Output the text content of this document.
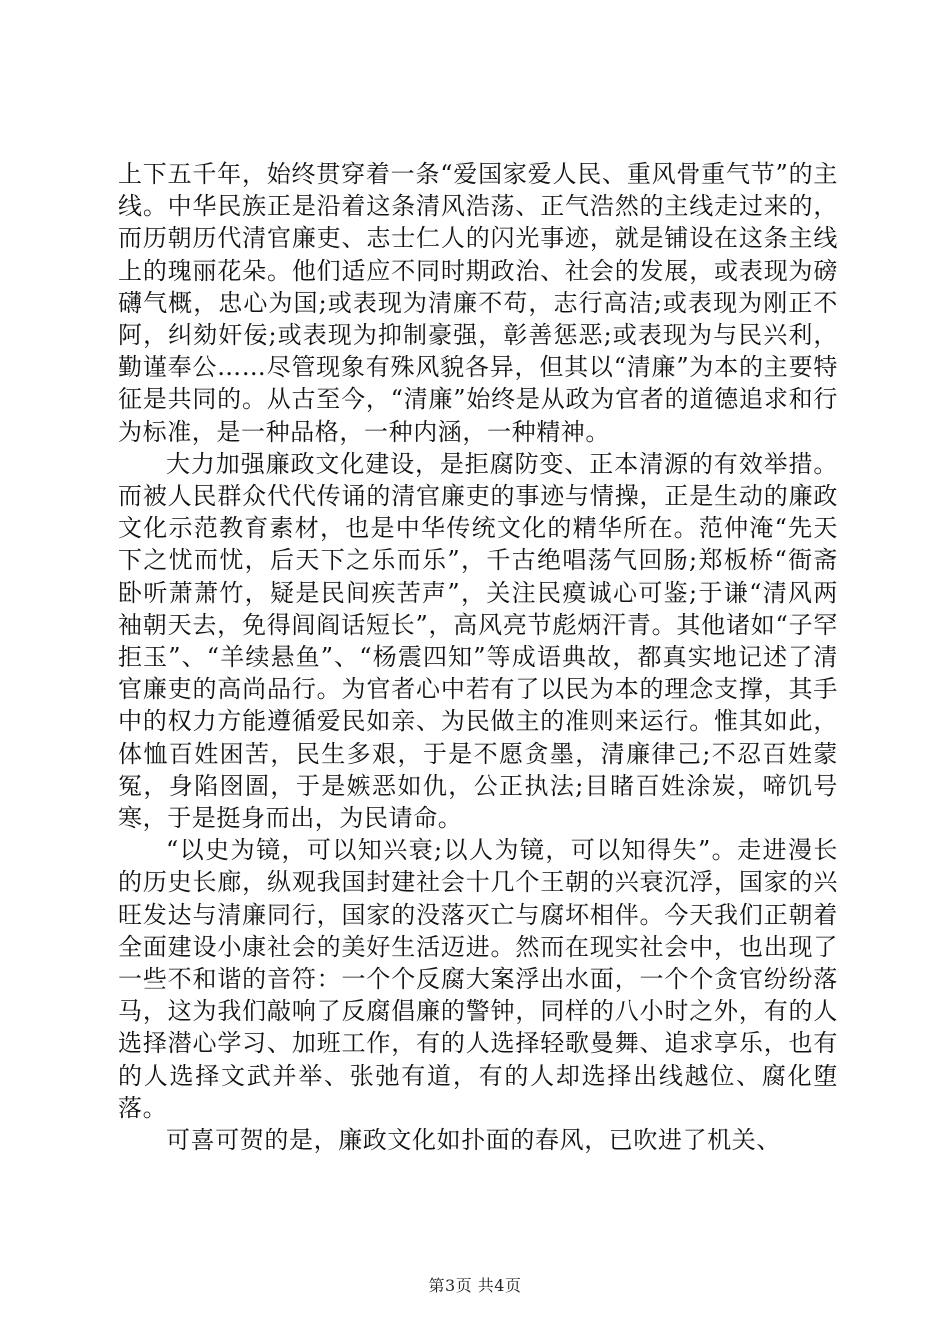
上下五千年，始终贯穿着一条“爱国家爱人民、重风骨重气节”的主线。中华民族正是沿着这条清风浩荡、正气浩然的主线走过来的，而历朝历代清官廉吏、志士仁人的闪光事迹，就是铺设在这条主线上的瑰丽花朵。他们适应不同时期政治、社会的发展，或表现为磅礴气概，忠心为国;或表现为清廉不苟，志行高洁;或表现为刚正不阿，纠劾奸佞;或表现为抑制豪强，彰善惩恶;或表现为与民兴利，勤谨奉公……尽管现象有殊风貌各异，但其以“清廉”为本的主要特征是共同的。从古至今，“清廉”始终是从政为官者的道德追求和行为标准，是一种品格，一种内涵，一种精神。

大力加强廉政文化建设，是拒腐防变、正本清源的有效举措。而被人民群众代代传诵的清官廉吏的事迹与情操，正是生动的廉政文化示范教育素材，也是中华传统文化的精华所在。范仲淹“先天下之忧而忧，后天下之乐而乐”，千古绝唱荡气回肠;郑板桥“衙斋卧听萧萧竹，疑是民间疾苦声”，关注民瘼诚心可鉴;于谦“清风两袖朝天去，免得闾阎话短长”，高风亮节彪炳汗青。其他诸如“子罕拒玉”、“羊续悬鱼”、“杨震四知”等成语典故，都真实地记述了清官廉吏的高尚品行。为官者心中若有了以民为本的理念支撑，其手中的权力方能遵循爱民如亲、为民做主的准则来运行。惟其如此，体恤百姓困苦，民生多艰，于是不愿贪墨，清廉律己;不忍百姓蒙冤，身陷囹圄，于是嫉恶如仇，公正执法;目睹百姓涂炭，啼饥号寒，于是挺身而出，为民请命。

“以史为镜，可以知兴衰;以人为镜，可以知得失”。走进漫长的历史长廊，纵观我国封建社会十几个王朝的兴衰沉浮，国家的兴旺发达与清廉同行，国家的没落灭亡与腐坏相伴。今天我们正朝着全面建设小康社会的美好生活迈进。然而在现实社会中，也出现了一些不和谐的音符：一个个反腐大案浮出水面，一个个贪官纷纷落马，这为我们敲响了反腐倡廉的警钟，同样的八小时之外，有的人选择潜心学习、加班工作，有的人选择轻歌曼舞、追求享乐，也有的人选择文武并举、张弛有道，有的人却选择出线越位、腐化堕落。

可喜可贺的是，廉政文化如扑面的春风，已吹进了机关、

第3页 共4页
